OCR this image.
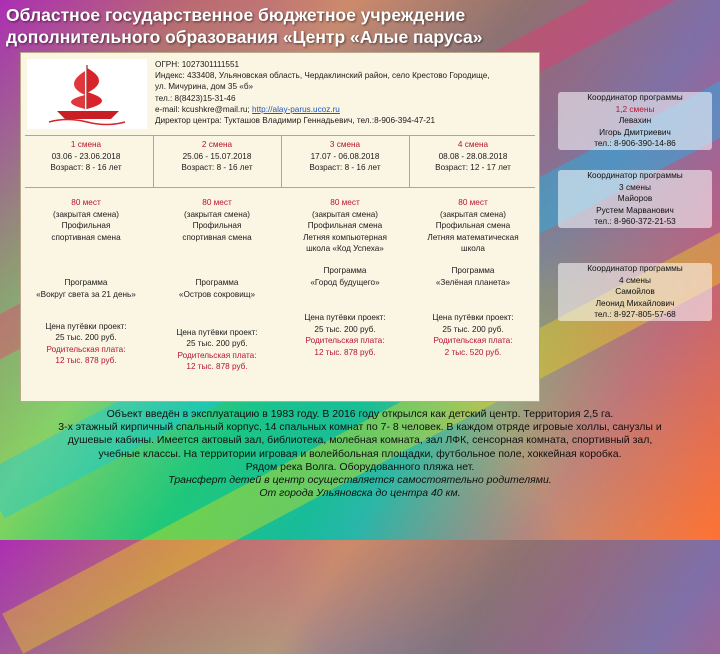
Областное государственное бюджетное учреждение
дополнительного образования «Центр «Алые паруса»
ОГРН: 1027301111551
Индекс: 433408, Ульяновская область, Чердаклинский район, село Крестово Городище,
ул. Мичурина, дом 35 «б»
тел.: 8(8423)15-31-46
e-mail: kcushkre@mail.ru; http://alay-parus.ucoz.ru
Директор центра: Тукташов Владимир Геннадьевич, тел.:8-906-394-47-21
1 смена
03.06 - 23.06.2018
Возраст: 8 - 16 лет
80 мест
(закрытая смена)
Профильная
спортивная смена
Программа
«Вокруг света за 21 день»
Цена путёвки проект:
25 тыс. 200 руб.
Родительская плата:
12 тыс. 878 руб.
2 смена
25.06 - 15.07.2018
Возраст: 8 - 16 лет
80 мест
(закрытая смена)
Профильная
спортивная смена
Программа
«Остров сокровищ»
Цена путёвки проект:
25 тыс. 200 руб.
Родительская плата:
12 тыс. 878 руб.
3 смена
17.07 - 06.08.2018
Возраст: 8 - 16 лет
80 мест
(закрытая смена)
Профильная смена
Летняя компьютерная
школа «Код Успеха»
Программа
«Город будущего»
Цена путёвки проект:
25 тыс. 200 руб.
Родительская плата:
12 тыс. 878 руб.
4 смена
08.08 - 28.08.2018
Возраст: 12 - 17 лет
80 мест
(закрытая смена)
Профильная смена
Летняя математическая
школа
Программа
«Зелёная планета»
Цена путёвки проект:
25 тыс. 200 руб.
Родительская плата:
2 тыс. 520 руб.
Координатор программы
1,2 смены
Левахин
Игорь Дмитриевич
тел.: 8-906-390-14-86
Координатор программы
3 смены
Майоров
Рустем Марванович
тел.: 8-960-372-21-53
Координатор программы
4 смены
Самойлов
Леонид Михайлович
тел.: 8-927-805-57-68
Объект введён в эксплуатацию в 1983 году. В 2016 году открылся как детский центр. Территория 2,5 га.
3-х этажный кирпичный спальный корпус, 14 спальных комнат по 7- 8 человек. В каждом отряде игровые холлы, санузлы и
душевые кабины. Имеется актовый зал, библиотека, молебная комната, зал ЛФК, сенсорная комната, спортивный зал,
учебные классы. На территории игровая и волейбольная площадки, футбольное поле, хоккейная коробка.
Рядом река Волга. Оборудованного пляжа нет.
Трансферт детей в центр осуществляется самостоятельно родителями.
От города Ульяновска до центра 40 км.
